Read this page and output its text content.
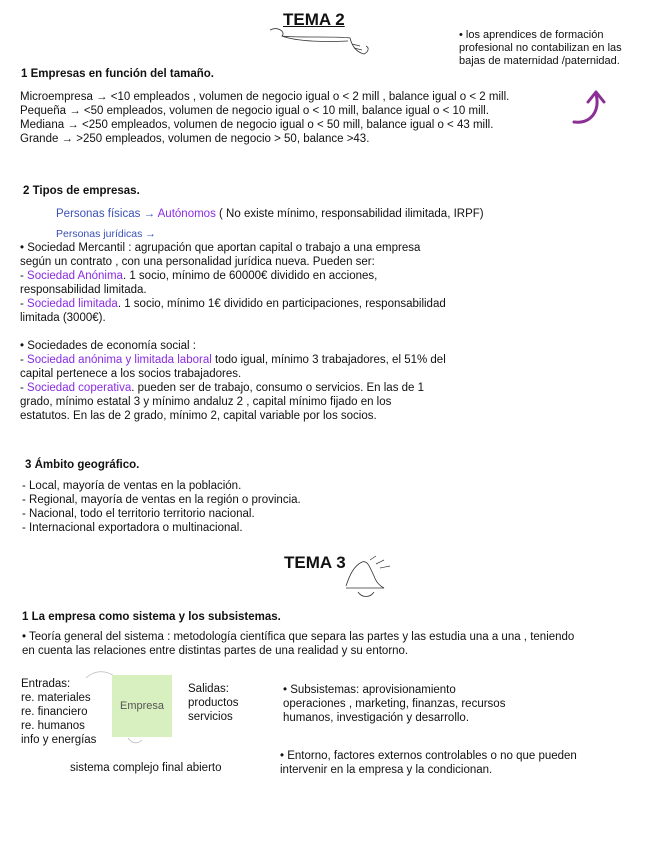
TEMA 2
• los aprendices de formación
profesional no contabilizan en las
bajas de maternidad /paternidad.
1 Empresas en función del tamaño.
Microempresa → <10 empleados , volumen de negocio igual o < 2 mill , balance igual o < 2 mill.
Pequeña → <50 empleados, volumen de negocio igual o < 10 mill, balance igual o < 10 mill.
Mediana → <250 empleados, volumen de negocio igual o < 50 mill, balance igual o < 43 mill.
Grande → >250 empleados, volumen de negocio > 50, balance >43.
2 Tipos de empresas.
Personas físicas → Autónomos ( No existe mínimo, responsabilidad ilimitada, IRPF)
Personas jurídicas →
• Sociedad Mercantil : agrupación que aportan capital o trabajo a una empresa
según un contrato , con una personalidad jurídica nueva. Pueden ser:
- Sociedad Anónima. 1 socio, mínimo de 60000€ dividido en acciones,
responsabilidad limitada.
- Sociedad limitada. 1 socio, mínimo 1€ dividido en participaciones, responsabilidad
limitada (3000€).
• Sociedades de economía social :
- Sociedad anónima y limitada laboral todo igual, mínimo 3 trabajadores, el 51% del
capital pertenece a los socios trabajadores.
- Sociedad coperativa. pueden ser de trabajo, consumo o servicios. En las de 1
grado, mínimo estatal 3 y mínimo andaluz 2 , capital mínimo fijado en los
estatutos. En las de 2 grado, mínimo 2, capital variable por los socios.
3 Ámbito geográfico.
- Local, mayoría de ventas en la población.
- Regional, mayoría de ventas en la región o provincia.
- Nacional, todo el territorio territorio nacional.
- Internacional exportadora o multinacional.
TEMA 3
1 La empresa como sistema y los subsistemas.
• Teoría general del sistema : metodología científica que separa las partes y las estudia una a una , teniendo
en cuenta las relaciones entre distintas partes de una realidad y su entorno.
Entradas:
re. materiales
re. financiero
re. humanos
info y energías
Empresa
Salidas:
productos
servicios
sistema complejo final abierto
• Subsistemas: aprovisionamiento
operaciones , marketing, finanzas, recursos
humanos, investigación y desarrollo.
• Entorno, factores externos controlables o no que pueden
intervenir en la empresa y la condicionan.
